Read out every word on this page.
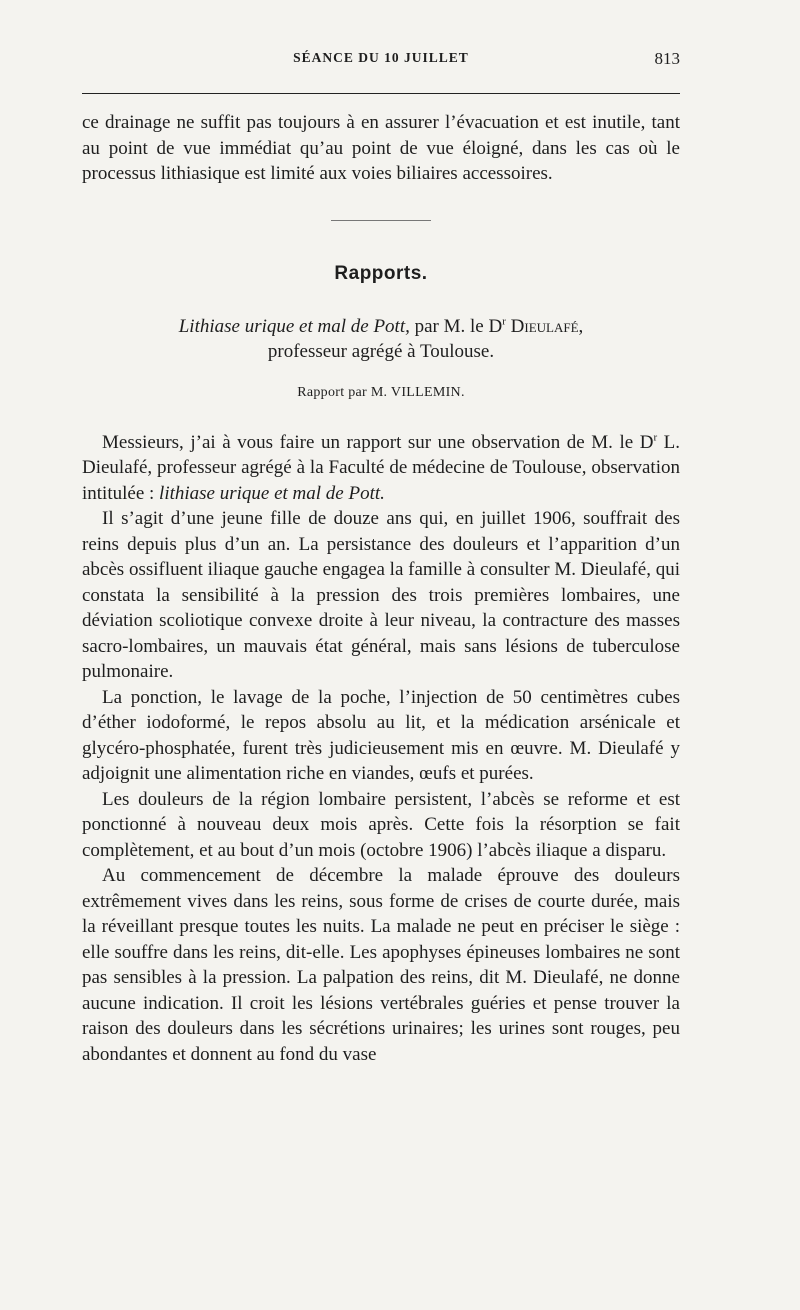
SÉANCE DU 10 JUILLET	813

ce drainage ne suffit pas toujours à en assurer l’évacuation et est inutile, tant au point de vue immédiat qu’au point de vue éloigné, dans les cas où le processus lithiasique est limité aux voies biliaires accessoires.

Rapports.
Lithiase urique et mal de Pott, par M. le $D^r$ Dieulafé,
professeur agrégé à Toulouse.
Rapport par M. VILLEMIN.

Messieurs, j’ai à vous faire un rapport sur une observation de M. le $D^r$ L. Dieulafé, professeur agrégé à la Faculté de médecine de Toulouse, observation intitulée : lithiase urique et mal de Pott.

Il s’agit d’une jeune fille de douze ans qui, en juillet 1906, souffrait des reins depuis plus d’un an. La persistance des douleurs et l’apparition d’un abcès ossifluent iliaque gauche engagea la famille à consulter M. Dieulafé, qui constata la sensibilité à la pression des trois premières lombaires, une déviation scoliotique convexe droite à leur niveau, la contracture des masses sacro-lombaires, un mauvais état général, mais sans lésions de tuberculose pulmonaire.

La ponction, le lavage de la poche, l’injection de 50 centimètres cubes d’éther iodoformé, le repos absolu au lit, et la médication arsénicale et glycéro-phosphatée, furent très judicieusement mis en œuvre. M. Dieulafé y adjoignit une alimentation riche en viandes, œufs et purées.

Les douleurs de la région lombaire persistent, l’abcès se reforme et est ponctionné à nouveau deux mois après. Cette fois la résorption se fait complètement, et au bout d’un mois (octobre 1906) l’abcès iliaque a disparu.

Au commencement de décembre la malade éprouve des douleurs extrêmement vives dans les reins, sous forme de crises de courte durée, mais la réveillant presque toutes les nuits. La malade ne peut en préciser le siège : elle souffre dans les reins, dit-elle. Les apophyses épineuses lombaires ne sont pas sensibles à la pression. La palpation des reins, dit M. Dieulafé, ne donne aucune indication. Il croit les lésions vertébrales guéries et pense trouver la raison des douleurs dans les sécrétions urinaires; les urines sont rouges, peu abondantes et donnent au fond du vase
